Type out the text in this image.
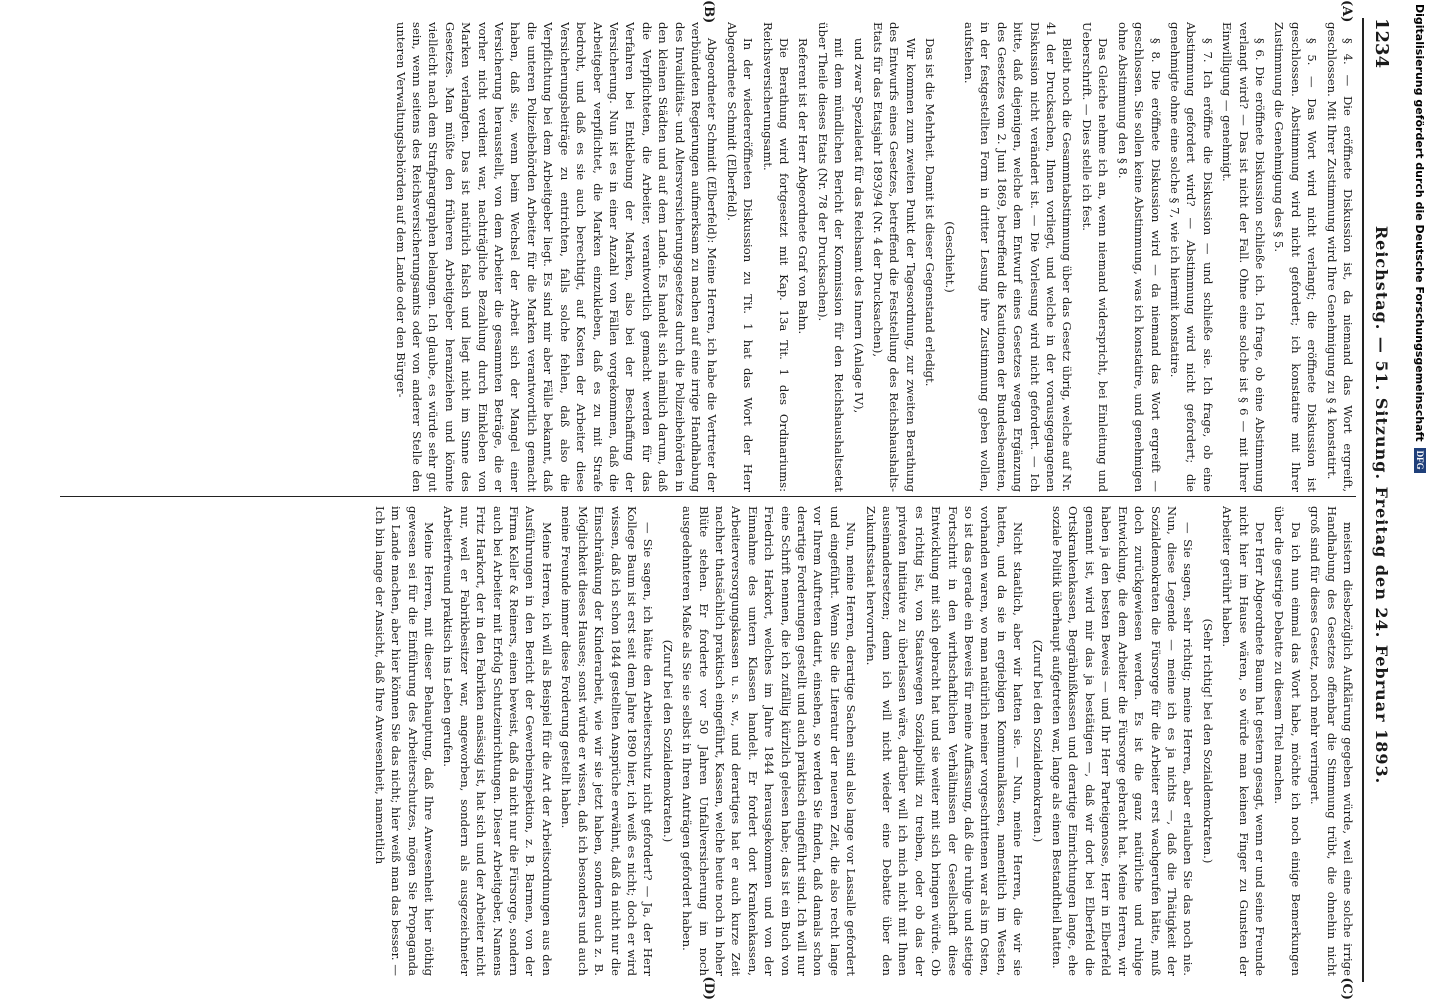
1234
Reichstag. — 51. Sitzung. Freitag den 24. Februar 1893.
(A)
(B)
(C)
(D)

§ 4. — Die eröffnete Diskussion ist, da niemand das Wort ergreift, geschlossen. Mit Ihrer Zustimmung wird Ihre Genehmigung zu § 4 konstatirt.

§ 5. — Das Wort wird nicht verlangt; die eröffnete Diskussion ist geschlossen. Abstimmung wird nicht gefordert; ich konstatire mit Ihrer Zustimmung die Genehmigung des § 5.

§ 6. Die eröffnete Diskussion schließe ich. Ich frage, ob eine Abstimmung verlangt wird? — Das ist nicht der Fall. Ohne eine solche ist § 6 — mit Ihrer Einwilligung — genehmigt.

§ 7. Ich eröffne die Diskussion — und schließe sie. Ich frage, ob eine Abstimmung gefordert wird? — Abstimmung wird nicht gefordert; die genehmigte ohne eine solche § 7, wie ich hiermit konstatire.

§ 8. Die eröffnete Diskussion wird — da niemand das Wort ergreift — geschlossen. Sie sollen keine Abstimmung, was ich konstatire, und genehmigen ohne Abstimmung den § 8.

Das Gleiche nehme ich an, wenn niemand widerspricht, bei Einleitung und Ueberschrift. — Dies stelle ich fest.

Bleibt noch die Gesammtabstimmung über das Gesetz übrig, welche auf Nr. 41 der Drucksachen, Ihnen vorliegt, und welche in der vorausgegangenen Diskussion nicht verändert ist. — Die Vorlesung wird nicht gefordert. — Ich bitte, daß diejenigen, welche dem Entwurf eines Gesetzes wegen Ergänzung des Gesetzes vom 2. Juni 1869, betreffend die Kautionen der Bundesbeamten, in der festgestellten Form in dritter Lesung ihre Zustimmung geben wollen, aufstehen.

(Geschieht.)

Das ist die Mehrheit. Damit ist dieser Gegenstand erledigt.

Wir kommen zum zweiten Punkt der Tagesordnung, zur zweiten Berathung des Entwurfs eines Gesetzes, betreffend die Feststellung des Reichshaushalts-Etats für das Etatsjahr 1893/94 (Nr. 4 der Drucksachen),

und zwar Spezialetat für das Reichsamt des Innern (Anlage IV),

mit dem mündlichen Bericht der Kommission für den Reichshaushaltsetat über Theile dieses Etats (Nr. 78 der Drucksachen).

Referent ist der Herr Abgeordnete Graf von Bahn.

Die Berathung wird fortgesetzt mit Kap. 13a Tit. 1 des Ordinariums: Reichsversicherungsamt.

In der wiedereröffneten Diskussion zu Tit. 1 hat das Wort der Herr Abgeordnete Schmidt (Elberfeld).

Abgeordneter Schmidt (Elberfeld): Meine Herren, ich habe die Vertreter der verbündeten Regierungen aufmerksam zu machen auf eine irrige Handhabung des Invaliditäts- und Altersversicherungsgesetzes durch die Polizeibehörden in den kleinen Städten und auf dem Lande. Es handelt sich nämlich darum, daß die Verpflichteten, die Arbeiter, verantwortlich gemacht werden für das Verfahren bei Entklebung der Marken, also bei der Beschaffung der Versicherung. Nun ist es in einer Anzahl von Fällen vorgekommen, daß die Arbeitgeber verpflichtet, die Marken einzukleben, daß es zu mit Strafe bedroht, und daß es sie auch berechtigt, auf Kosten der Arbeiter diese Versicherungsbeiträge zu entrichten, falls solche fehlen, daß also die Verpflichtung bei dem Arbeitgeber liegt. Es sind mir aber Fälle bekannt, daß die unteren Polizeibehörden Arbeiter für die Marken verantwortlich gemacht haben, daß sie, wenn beim Wechsel der Arbeit sich der Mangel einer Versicherung herausstellt, von dem Arbeiter die gesammten Beträge, die er vorher nicht verdient war, nachträgliche Bezahlung durch Einkleben von Marken verlangten. Das ist natürlich falsch und liegt nicht im Sinne des Gesetzes. Man müßte den früheren Arbeitgeber heranziehen und könnte vielleicht nach dem Strafparagraphen belangen. Ich glaube, es würde sehr gut sein, wenn seitens des Reichsversicherungsamts oder von anderer Stelle den unteren Verwaltungsbehörden auf dem Lande oder den Bürger-

meistern diesbezüglich Aufklärung gegeben würde, weil eine solche irrige Handhabung des Gesetzes offenbar die Stimmung trübt, die ohnehin nicht groß sind für dieses Gesetz, noch mehr verringert.

Da ich nun einmal das Wort habe, möchte ich noch einige Bemerkungen über die gestrige Debatte zu diesem Titel machen.

Der Herr Abgeordnete Baum hat gestern gesagt, wenn er und seine Freunde nicht hier im Hause wären, so würde man keinen Finger zu Gunsten der Arbeiter gerührt haben.

(Sehr richtig! bei den Sozialdemokraten.)

— Sie sagen, sehr richtig; meine Herren, aber erlauben Sie das noch nie. Nun, diese Legende — meine ich es ja nichts —, daß die Thätigkeit der Sozialdemokraten die Fürsorge für die Arbeiter erst wachgerufen hätte, muß doch zurückgewiesen werden. Es ist die ganz natürliche und ruhige Entwicklung, die dem Arbeiter die Fürsorge gebracht hat. Meine Herren, wir haben ja den besten Beweis — und Ihr Herr Parteigenosse, Herr in Elberfeld genannt ist, wird mir das ja bestätigen —, daß wir dort bei Elberfeld die Ortskrankenkassen, Begräbnißkassen und derartige Einrichtungen lange, ehe soziale Politik überhaupt aufgetreten war, lange als einen Bestandtheil hatten.

(Zuruf bei den Sozialdemokraten.)

Nicht staatlich, aber wir hatten sie. — Nun, meine Herren, die wir sie hatten, und da sie in ergiebigen Kommunalkassen, namentlich im Westen, vorhanden waren, wo man natürlich meiner vorgeschrittenen war als im Osten, so ist das gerade ein Beweis für meine Auffassung, daß die ruhige und stetige Fortschritt in den wirthschaftlichen Verhältnissen der Gesellschaft diese Entwicklung mit sich gebracht hat und sie weiter mit sich bringen würde. Ob es richtig ist, von Staatswegen Sozialpolitik zu treiben, oder ob das der privaten Initiative zu überlassen wäre, darüber will ich mich nicht mit Ihnen auseinandersetzen; denn ich will nicht wieder eine Debatte über den Zukunftsstaat hervorrufen.

Nun, meine Herren, derartige Sachen sind also lange vor Lassalle gefordert und eingeführt. Wenn Sie die Literatur der neueren Zeit, die also recht lange vor Ihrem Auftreten datirt, einsehen, so werden Sie finden, daß damals schon derartige Forderungen gestellt und auch praktisch eingeführt sind. Ich will nur eine Schrift nennen, die ich zufällig kürzlich gelesen habe; das ist ein Buch von Friedrich Harkort, welches im Jahre 1844 herausgekommen und von der Einnahme des untern Klassen handelt. Er fordert dort Krankenkassen, Arbeiterversorgungskassen u. s. w., und derartiges hat er auch kurze Zeit nachher thatsächlich praktisch eingeführt, Kassen, welche heute noch in hoher Blüte stehen. Er forderte vor 50 Jahren Unfallversicherung im noch ausgedehnteren Maße als Sie sie selbst in Ihren Anträgen gefordert haben.

(Zuruf bei den Sozialdemokraten.)

— Sie sagen, ich hätte den Arbeiterschutz nicht gefordert? — Ja, der Herr Kollege Baum ist erst seit dem Jahre 1890 hier, ich weiß es nicht; doch er wird wissen, daß ich schon 1844 gestellten Ansprüche erwähnt, daß da nicht nur die Einschränkung der Kinderarbeit, wie wir sie jetzt haben, sondern auch z. B. Möglichkeit dieses Hauses; sonst würde er wissen, daß ich besonders und auch meine Freunde immer diese Forderung gestellt haben.

Meine Herren, ich will als Beispiel für die Art der Arbeitsordnungen aus den Ausführungen in den Bericht der Gewerbeinspektion, z. B. Barmen, von der Firma Keller & Reiners, einen beweist, daß da nicht nur die Fürsorge, sondern auch bei Arbeiter mit Erfolg Schutzeinrichtungen. Dieser Arbeitgeber, Namens Fritz Harkort, der in den Fabriken ansässig ist, hat sich und der Arbeiter nicht nur, weil er Fabrikbesitzer war, angeworben, sondern als ausgezeichneter Arbeiterfreund praktisch ins Leben gerufen.

Meine Herren, mit dieser Behauptung, daß Ihre Anwesenheit hier nöthig gewesen sei für die Einführung des Arbeiterschutzes, mögen Sie Propaganda im Lande machen, aber hier können Sie das nicht; hier weiß man das besser. — Ich bin lange der Ansicht, daß Ihre Anwesenheit, namentlich

Digitalisierung gefördert durch die Deutsche Forschungsgemeinschaft
DFG
